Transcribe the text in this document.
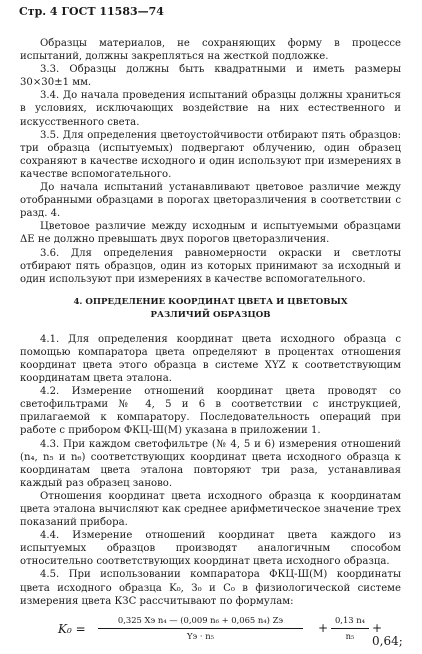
Стр. 4 ГОСТ 11583—74

Образцы материалов, не сохраняющих форму в процессе испытаний, должны закрепляться на жесткой подложке.

3.3. Образцы должны быть квадратными и иметь размеры 30×30±1 мм.

3.4. До начала проведения испытаний образцы должны храниться в условиях, исключающих воздействие на них естественного и искусственного света.

3.5. Для определения цветоустойчивости отбирают пять образцов: три образца (испытуемых) подвергают облучению, один образец сохраняют в качестве исходного и один используют при измерениях в качестве вспомогательного.

До начала испытаний устанавливают цветовое различие между отобранными образцами в порогах цветоразличения в соответствии с разд. 4.

Цветовое различие между исходным и испытуемыми образцами ΔE не должно превышать двух порогов цветоразличения.

3.6. Для определения равномерности окраски и светлоты отбирают пять образцов, один из которых принимают за исходный и один используют при измерениях в качестве вспомогательного.

4. ОПРЕДЕЛЕНИЕ КООРДИНАТ ЦВЕТА И ЦВЕТОВЫХ
РАЗЛИЧИЙ ОБРАЗЦОВ

4.1. Для определения координат цвета исходного образца с помощью компаратора цвета определяют в процентах отношения координат цвета этого образца в системе XYZ к соответствующим координатам цвета эталона.

4.2. Измерение отношений координат цвета проводят со светофильтрами № 4, 5 и 6 в соответствии с инструкцией, прилагаемой к компаратору. Последовательность операций при работе с прибором ФКЦ-Ш(М) указана в приложении 1.

4.3. При каждом светофильтре (№ 4, 5 и 6) измерения отношений (n₄, n₅ и n₆) соответствующих координат цвета исходного образца к координатам цвета эталона повторяют три раза, устанавливая каждый раз образец заново.

Отношения координат цвета исходного образца к координатам цвета эталона вычисляют как среднее арифметическое значение трех показаний прибора.

4.4. Измерение отношений координат цвета каждого из испытуемых образцов производят аналогичным способом относительно соответствующих координат цвета исходного образца.

4.5. При использовании компаратора ФКЦ-Ш(М) координаты цвета исходного образца K₀, З₀ и C₀ в физиологической системе измерения цвета КЗС рассчитывают по формулам:

K₀ =
0,325 Xэ n₄ — (0,009 n₆ + 0,065 n₄) Zэ
Yэ · n₅
+ $\frac{\text{0,13 n₄}}{\text{n₅}} + 0,64$;
